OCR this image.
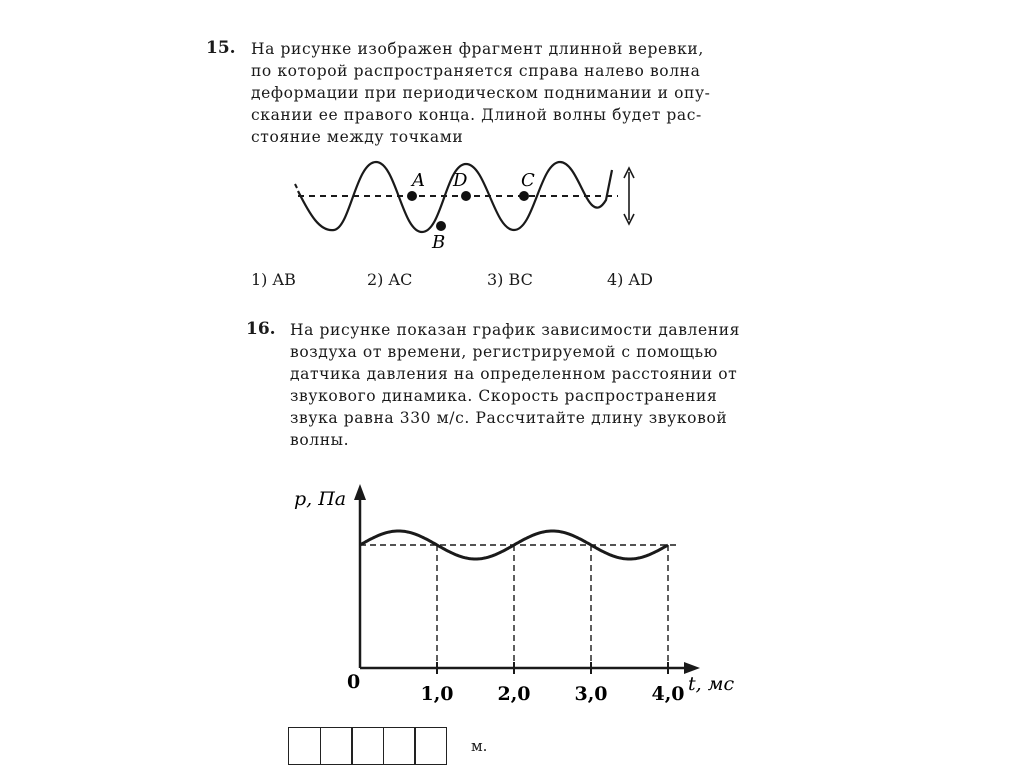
15. На рисунке изображен фрагмент длинной веревки,
по которой распространяется справа налево волна
деформации при периодическом поднимании и опу-
скании ее правого конца. Длиной волны будет рас-
стояние между точками
A D	C
B
p, Па
0
1,0 2,0 3,0 4,0 t, мс
1) AB	2) AC	3) BC	4) AD
16. На рисунке показан график зависимости давления
воздуха от времени, регистрируемой с помощью
датчика давления на определенном расстоянии от
звукового динамика. Скорость распространения
звука равна 330 м/с. Рассчитайте длину звуковой
волны.
м.
